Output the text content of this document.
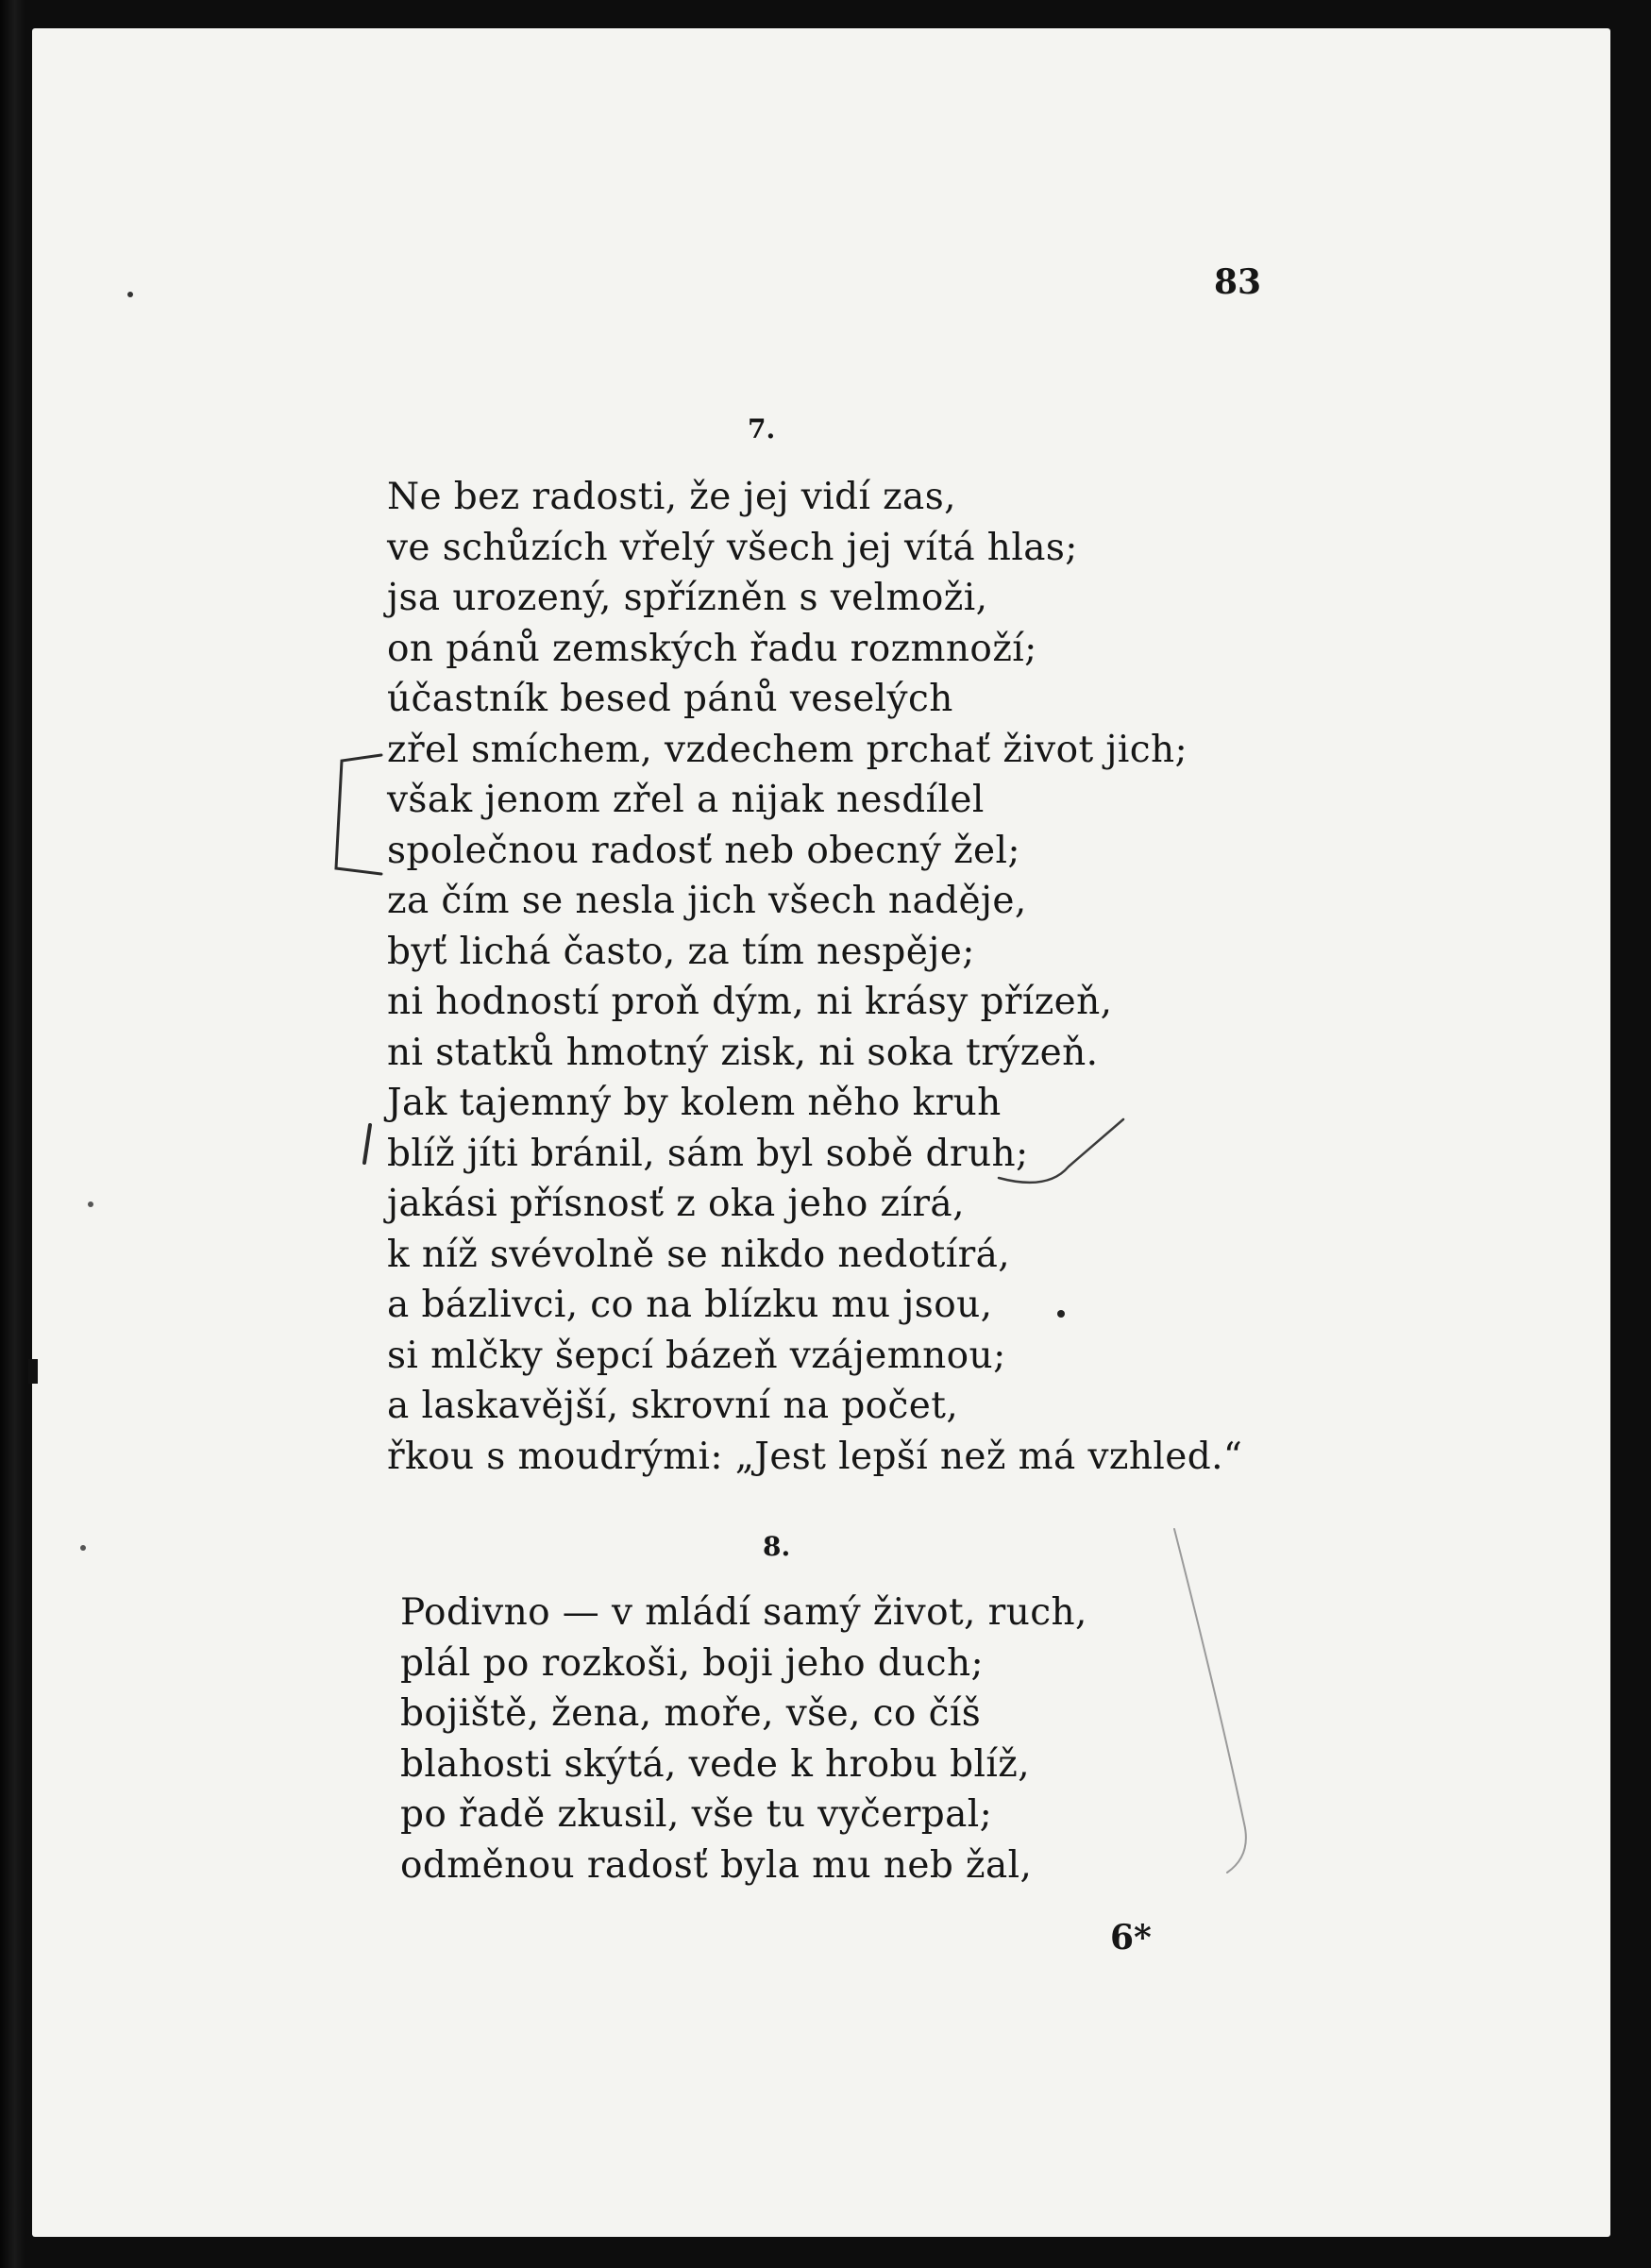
83
7.
Ne bez radosti, že jej vidí zas,
ve schůzích vřelý všech jej vítá hlas;
jsa urozený, spřízněn s velmoži,
on pánů zemských řadu rozmnoží;
účastník besed pánů veselých
zřel smíchem, vzdechem prchať život jich;
však jenom zřel a nijak nesdílel
společnou radosť neb obecný žel;
za čím se nesla jich všech naděje,
byť lichá často, za tím nespěje;
ni hodností proň dým, ni krásy přízeň,
ni statků hmotný zisk, ni soka trýzeň.
Jak tajemný by kolem něho kruh
blíž jíti bránil, sám byl sobě druh;
jakási přísnosť z oka jeho zírá,
k níž svévolně se nikdo nedotírá,
a bázlivci, co na blízku mu jsou,
si mlčky šepcí bázeň vzájemnou;
a laskavější, skrovní na počet,
řkou s moudrými: „Jest lepší než má vzhled.“
8.
Podivno — v mládí samý život, ruch,
plál po rozkoši, boji jeho duch;
bojiště, žena, moře, vše, co číš
blahosti skýtá, vede k hrobu blíž,
po řadě zkusil, vše tu vyčerpal;
odměnou radosť byla mu neb žal,
6*
